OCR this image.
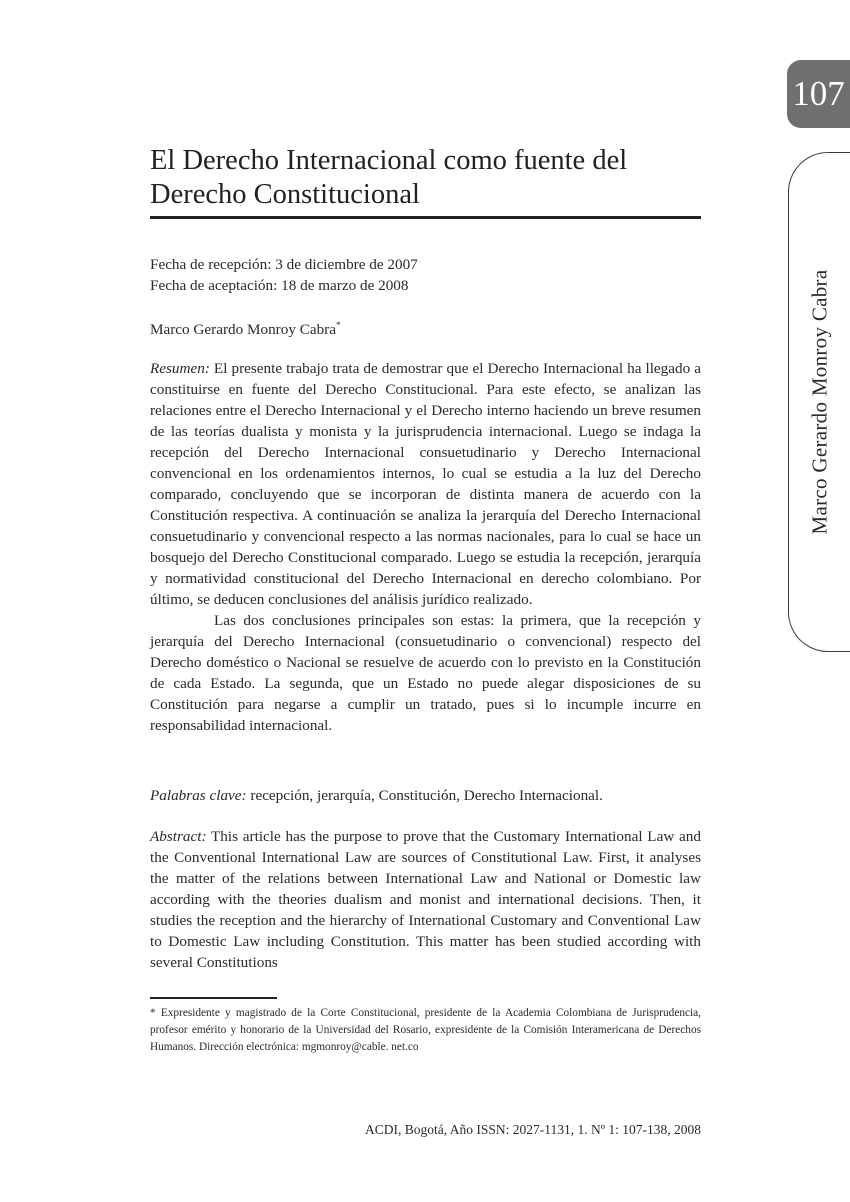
107
Marco Gerardo Monroy Cabra
El Derecho Internacional como fuente del
Derecho Constitucional
Fecha de recepción: 3 de diciembre de 2007
Fecha de aceptación: 18 de marzo de 2008
Marco Gerardo Monroy Cabra*

Resumen: El presente trabajo trata de demostrar que el Derecho Internacional ha llegado a constituirse en fuente del Derecho Constitucional. Para este efecto, se analizan las relaciones entre el Derecho Internacional y el Derecho interno haciendo un breve resumen de las teorías dualista y monista y la jurisprudencia internacional. Luego se indaga la recepción del Derecho Internacional consuetudinario y Derecho Internacional convencional en los ordenamientos internos, lo cual se estudia a la luz del Derecho comparado, concluyendo que se incorporan de distinta manera de acuerdo con la Constitución respectiva. A continuación se analiza la jerarquía del Derecho Internacional consuetudinario y convencional respecto a las normas nacionales, para lo cual se hace un bosquejo del Derecho Constitucional comparado. Luego se estudia la recepción, jerarquía y normatividad constitucional del Derecho Internacional en derecho colombiano. Por último, se deducen conclusiones del análisis jurídico realizado.

Las dos conclusiones principales son estas: la primera, que la recepción y jerarquía del Derecho Internacional (consuetudinario o convencional) respecto del Derecho doméstico o Nacional se resuelve de acuerdo con lo previsto en la Constitución de cada Estado. La segunda, que un Estado no puede alegar disposiciones de su Constitución para negarse a cumplir un tratado, pues si lo incumple incurre en responsabilidad internacional.

Palabras clave: recepción, jerarquía, Constitución, Derecho Internacional.

Abstract: This article has the purpose to prove that the Customary International Law and the Conventional International Law are sources of Constitutional Law. First, it analyses the matter of the relations between International Law and National or Domestic law according with the theories dualism and monist and international decisions. Then, it studies the reception and the hierarchy of International Customary and Conventional Law to Domestic Law including Constitution. This matter has been studied according with several Constitutions

* Expresidente y magistrado de la Corte Constitucional, presidente de la Academia Colombiana de Jurisprudencia, profesor emérito y honorario de la Universidad del Rosario, expresidente de la Comisión Interamericana de Derechos Humanos. Dirección electrónica: mgmonroy@cable. net.co

ACDI, Bogotá, Año ISSN: 2027-1131, 1. Nº 1: 107-138, 2008
